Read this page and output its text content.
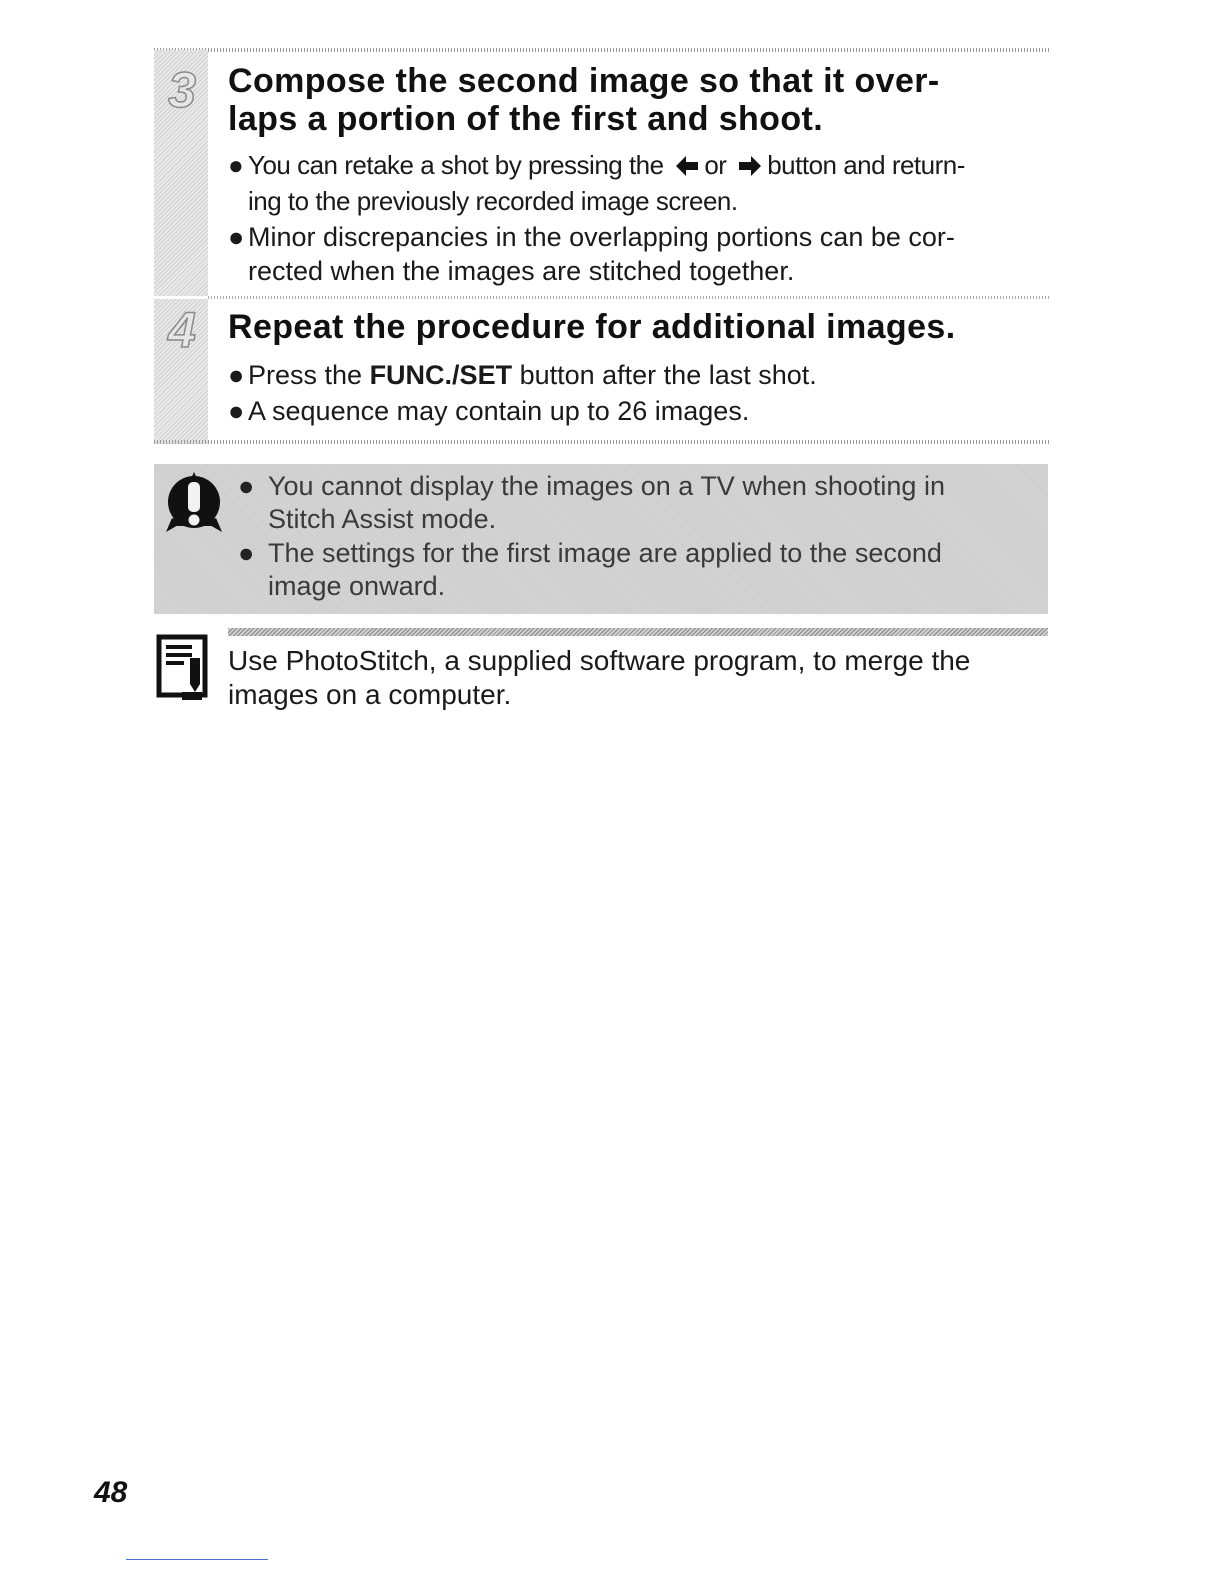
3 Compose the second image so that it over-
laps a portion of the first and shoot.
● You can retake a shot by pressing the or button and return-
ing to the previously recorded image screen.
● Minor discrepancies in the overlapping portions can be cor-
rected when the images are stitched together.
4 Repeat the procedure for additional images.
● Press the FUNC./SET button after the last shot.
● A sequence may contain up to 26 images.
● You cannot display the images on a TV when shooting in
Stitch Assist mode.
● The settings for the first image are applied to the second
image onward.
Use PhotoStitch, a supplied software program, to merge the
images on a computer.
48
